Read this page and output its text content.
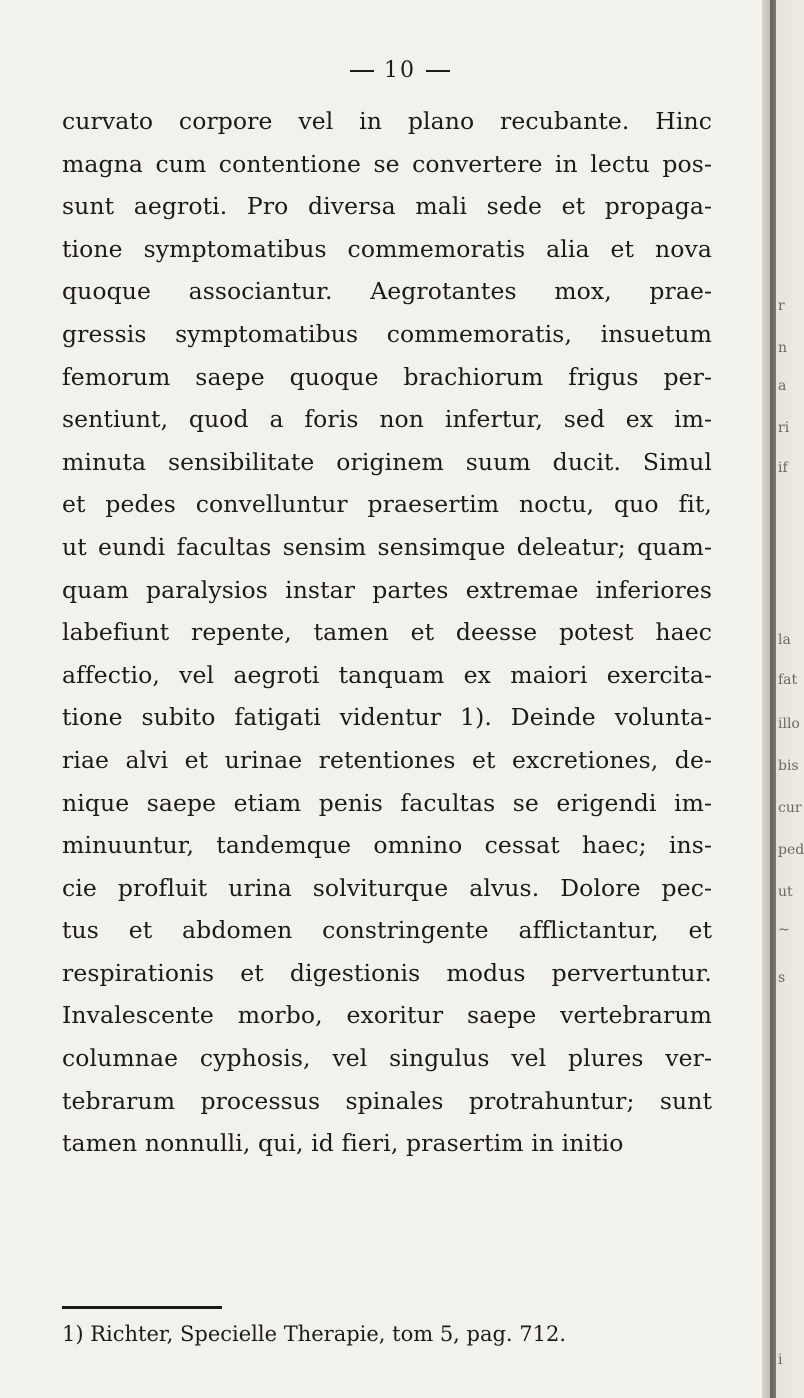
10
curvato corpore vel in plano recubante. Hinc
magna cum contentione se convertere in lectu pos-
sunt aegroti. Pro diversa mali sede et propaga-
tione symptomatibus commemoratis alia et nova
quoque associantur. Aegrotantes mox, prae-
gressis symptomatibus commemoratis, insuetum
femorum saepe quoque brachiorum frigus per-
sentiunt, quod a foris non infertur, sed ex im-
minuta sensibilitate originem suum ducit. Simul
et pedes convelluntur praesertim noctu, quo fit,
ut eundi facultas sensim sensimque deleatur; quam-
quam paralysios instar partes extremae inferiores
labefiunt repente, tamen et deesse potest haec
affectio, vel aegroti tanquam ex maiori exercita-
tione subito fatigati videntur 1). Deinde volunta-
riae alvi et urinae retentiones et excretiones, de-
nique saepe etiam penis facultas se erigendi im-
minuuntur, tandemque omnino cessat haec; ins-
cie profluit urina solviturque alvus. Dolore pec-
tus et abdomen constringente afflictantur, et
respirationis et digestionis modus pervertuntur.
Invalescente morbo, exoritur saepe vertebrarum
columnae cyphosis, vel singulus vel plures ver-
tebrarum processus spinales protrahuntur; sunt
tamen nonnulli, qui, id fieri, prasertim in initio
1) Richter, Specielle Therapie, tom 5, pag. 712.
r
n
a
ri
if
la
fat
illo
bis
cur
ped
ut
~
s
i
